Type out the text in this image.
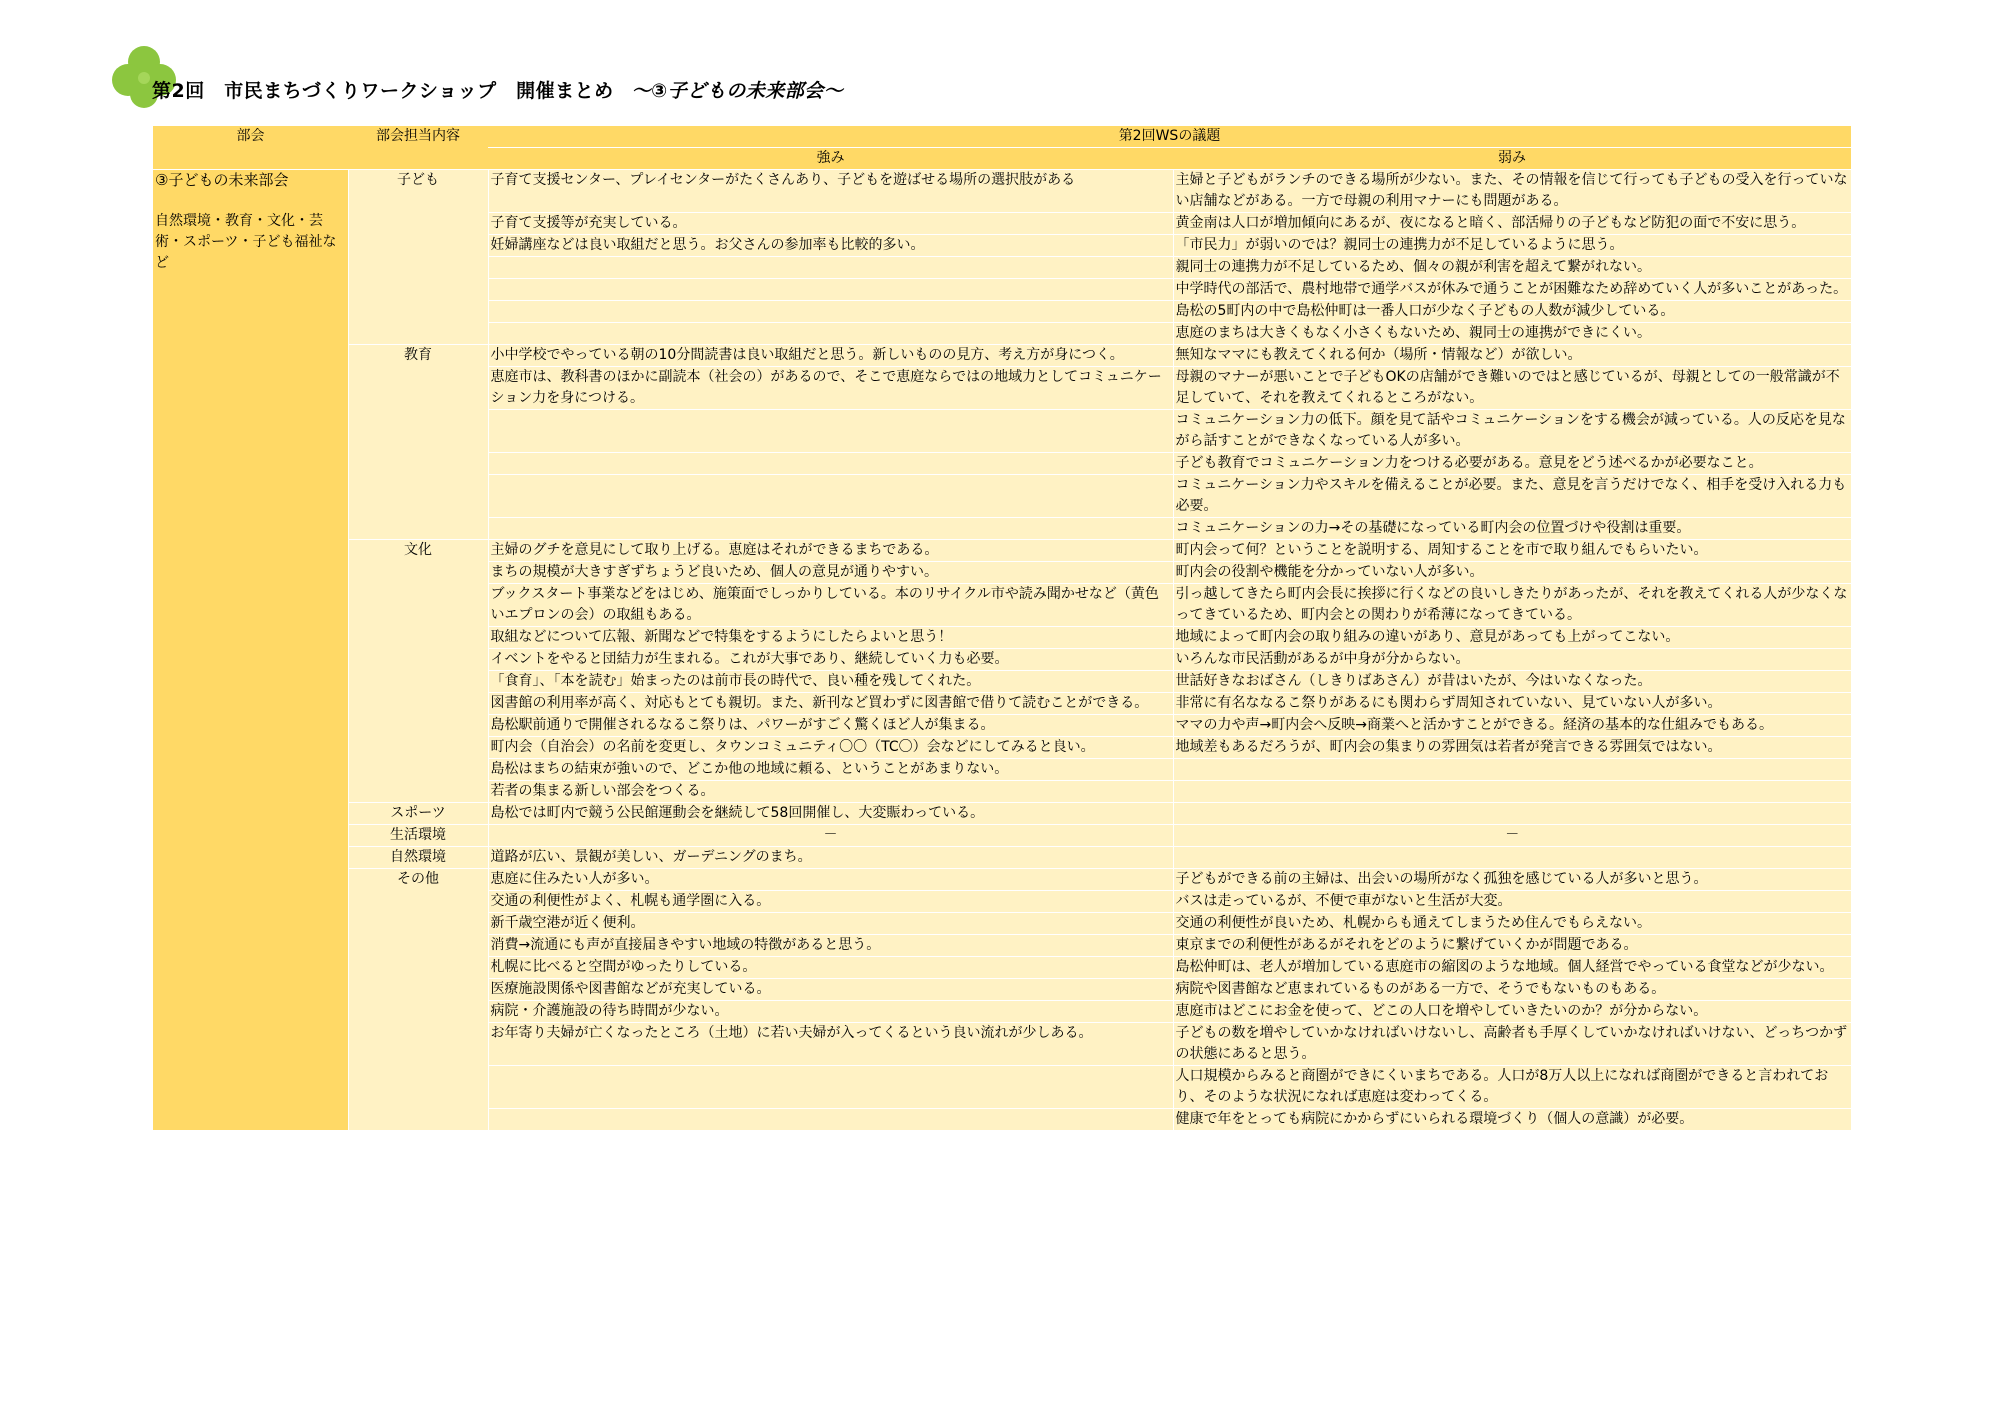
第2回　市民まちづくりワークショップ　開催まとめ ～③子どもの未来部会～
部会	部会担当内容	第2回WSの議題	
		強み	弱み

③子どもの未来部会
自然環境・教育・文化・芸術・スポーツ・子ども福祉など	子ども	子育て支援センター、プレイセンターがたくさんあり、子どもを遊ばせる場所の選択肢がある	主婦と子どもがランチのできる場所が少ない。また、その情報を信じて行っても子どもの受入を行っていない店舗などがある。一方で母親の利用マナーにも問題がある。
		子育て支援等が充実している。	黄金南は人口が増加傾向にあるが、夜になると暗く、部活帰りの子どもなど防犯の面で不安に思う。
		妊婦講座などは良い取組だと思う。お父さんの参加率も比較的多い。	「市民力」が弱いのでは？親同士の連携力が不足しているように思う。
			親同士の連携力が不足しているため、個々の親が利害を超えて繋がれない。
			中学時代の部活で、農村地帯で通学バスが休みで通うことが困難なため辞めていく人が多いことがあった。
			島松の5町内の中で島松仲町は一番人口が少なく子どもの人数が減少している。
			恵庭のまちは大きくもなく小さくもないため、親同士の連携ができにくい。
	教育	小中学校でやっている朝の10分間読書は良い取組だと思う。新しいものの見方、考え方が身につく。	無知なママにも教えてくれる何か（場所・情報など）が欲しい。
		恵庭市は、教科書のほかに副読本（社会の）があるので、そこで恵庭ならではの地域力としてコミュニケーション力を身につける。	母親のマナーが悪いことで子どもOKの店舗ができ難いのではと感じているが、母親としての一般常識が不足していて、それを教えてくれるところがない。
			コミュニケーション力の低下。顔を見て話やコミュニケーションをする機会が減っている。人の反応を見ながら話すことができなくなっている人が多い。
			子ども教育でコミュニケーション力をつける必要がある。意見をどう述べるかが必要なこと。
			コミュニケーション力やスキルを備えることが必要。また、意見を言うだけでなく、相手を受け入れる力も必要。
			コミュニケーションの力→その基礎になっている町内会の位置づけや役割は重要。
	文化	主婦のグチを意見にして取り上げる。恵庭はそれができるまちである。	町内会って何？ということを説明する、周知することを市で取り組んでもらいたい。
		まちの規模が大きすぎずちょうど良いため、個人の意見が通りやすい。	町内会の役割や機能を分かっていない人が多い。
		ブックスタート事業などをはじめ、施策面でしっかりしている。本のリサイクル市や読み聞かせなど（黄色いエプロンの会）の取組もある。	引っ越してきたら町内会長に挨拶に行くなどの良いしきたりがあったが、それを教えてくれる人が少なくなってきているため、町内会との関わりが希薄になってきている。
		取組などについて広報、新聞などで特集をするようにしたらよいと思う！	地域によって町内会の取り組みの違いがあり、意見があっても上がってこない。
		イベントをやると団結力が生まれる。これが大事であり、継続していく力も必要。	いろんな市民活動があるが中身が分からない。
		「食育」、「本を読む」始まったのは前市長の時代で、良い種を残してくれた。	世話好きなおばさん（しきりばあさん）が昔はいたが、今はいなくなった。
		図書館の利用率が高く、対応もとても親切。また、新刊など買わずに図書館で借りて読むことができる。	非常に有名ななるこ祭りがあるにも関わらず周知されていない、見ていない人が多い。
		島松駅前通りで開催されるなるこ祭りは、パワーがすごく驚くほど人が集まる。	ママの力や声→町内会へ反映→商業へと活かすことができる。経済の基本的な仕組みでもある。
		町内会（自治会）の名前を変更し、タウンコミュニティ〇〇（TC〇）会などにしてみると良い。	地域差もあるだろうが、町内会の集まりの雰囲気は若者が発言できる雰囲気ではない。
		島松はまちの結束が強いので、どこか他の地域に頼る、ということがあまりない。	
		若者の集まる新しい部会をつくる。	
	スポーツ	島松では町内で競う公民館運動会を継続して58回開催し、大変賑わっている。	
	生活環境	－	－
	自然環境	道路が広い、景観が美しい、ガーデニングのまち。	
	その他	恵庭に住みたい人が多い。	子どもができる前の主婦は、出会いの場所がなく孤独を感じている人が多いと思う。
		交通の利便性がよく、札幌も通学圏に入る。	バスは走っているが、不便で車がないと生活が大変。
		新千歳空港が近く便利。	交通の利便性が良いため、札幌からも通えてしまうため住んでもらえない。
		消費→流通にも声が直接届きやすい地域の特徴があると思う。	東京までの利便性があるがそれをどのように繋げていくかが問題である。
		札幌に比べると空間がゆったりしている。	島松仲町は、老人が増加している恵庭市の縮図のような地域。個人経営でやっている食堂などが少ない。
		医療施設関係や図書館などが充実している。	病院や図書館など恵まれているものがある一方で、そうでもないものもある。
		病院・介護施設の待ち時間が少ない。	恵庭市はどこにお金を使って、どこの人口を増やしていきたいのか？が分からない。
		お年寄り夫婦が亡くなったところ（土地）に若い夫婦が入ってくるという良い流れが少しある。	子どもの数を増やしていかなければいけないし、高齢者も手厚くしていかなければいけない、どっちつかずの状態にあると思う。
			人口規模からみると商圏ができにくいまちである。人口が8万人以上になれば商圏ができると言われており、そのような状況になれば恵庭は変わってくる。
			健康で年をとっても病院にかからずにいられる環境づくり（個人の意識）が必要。
